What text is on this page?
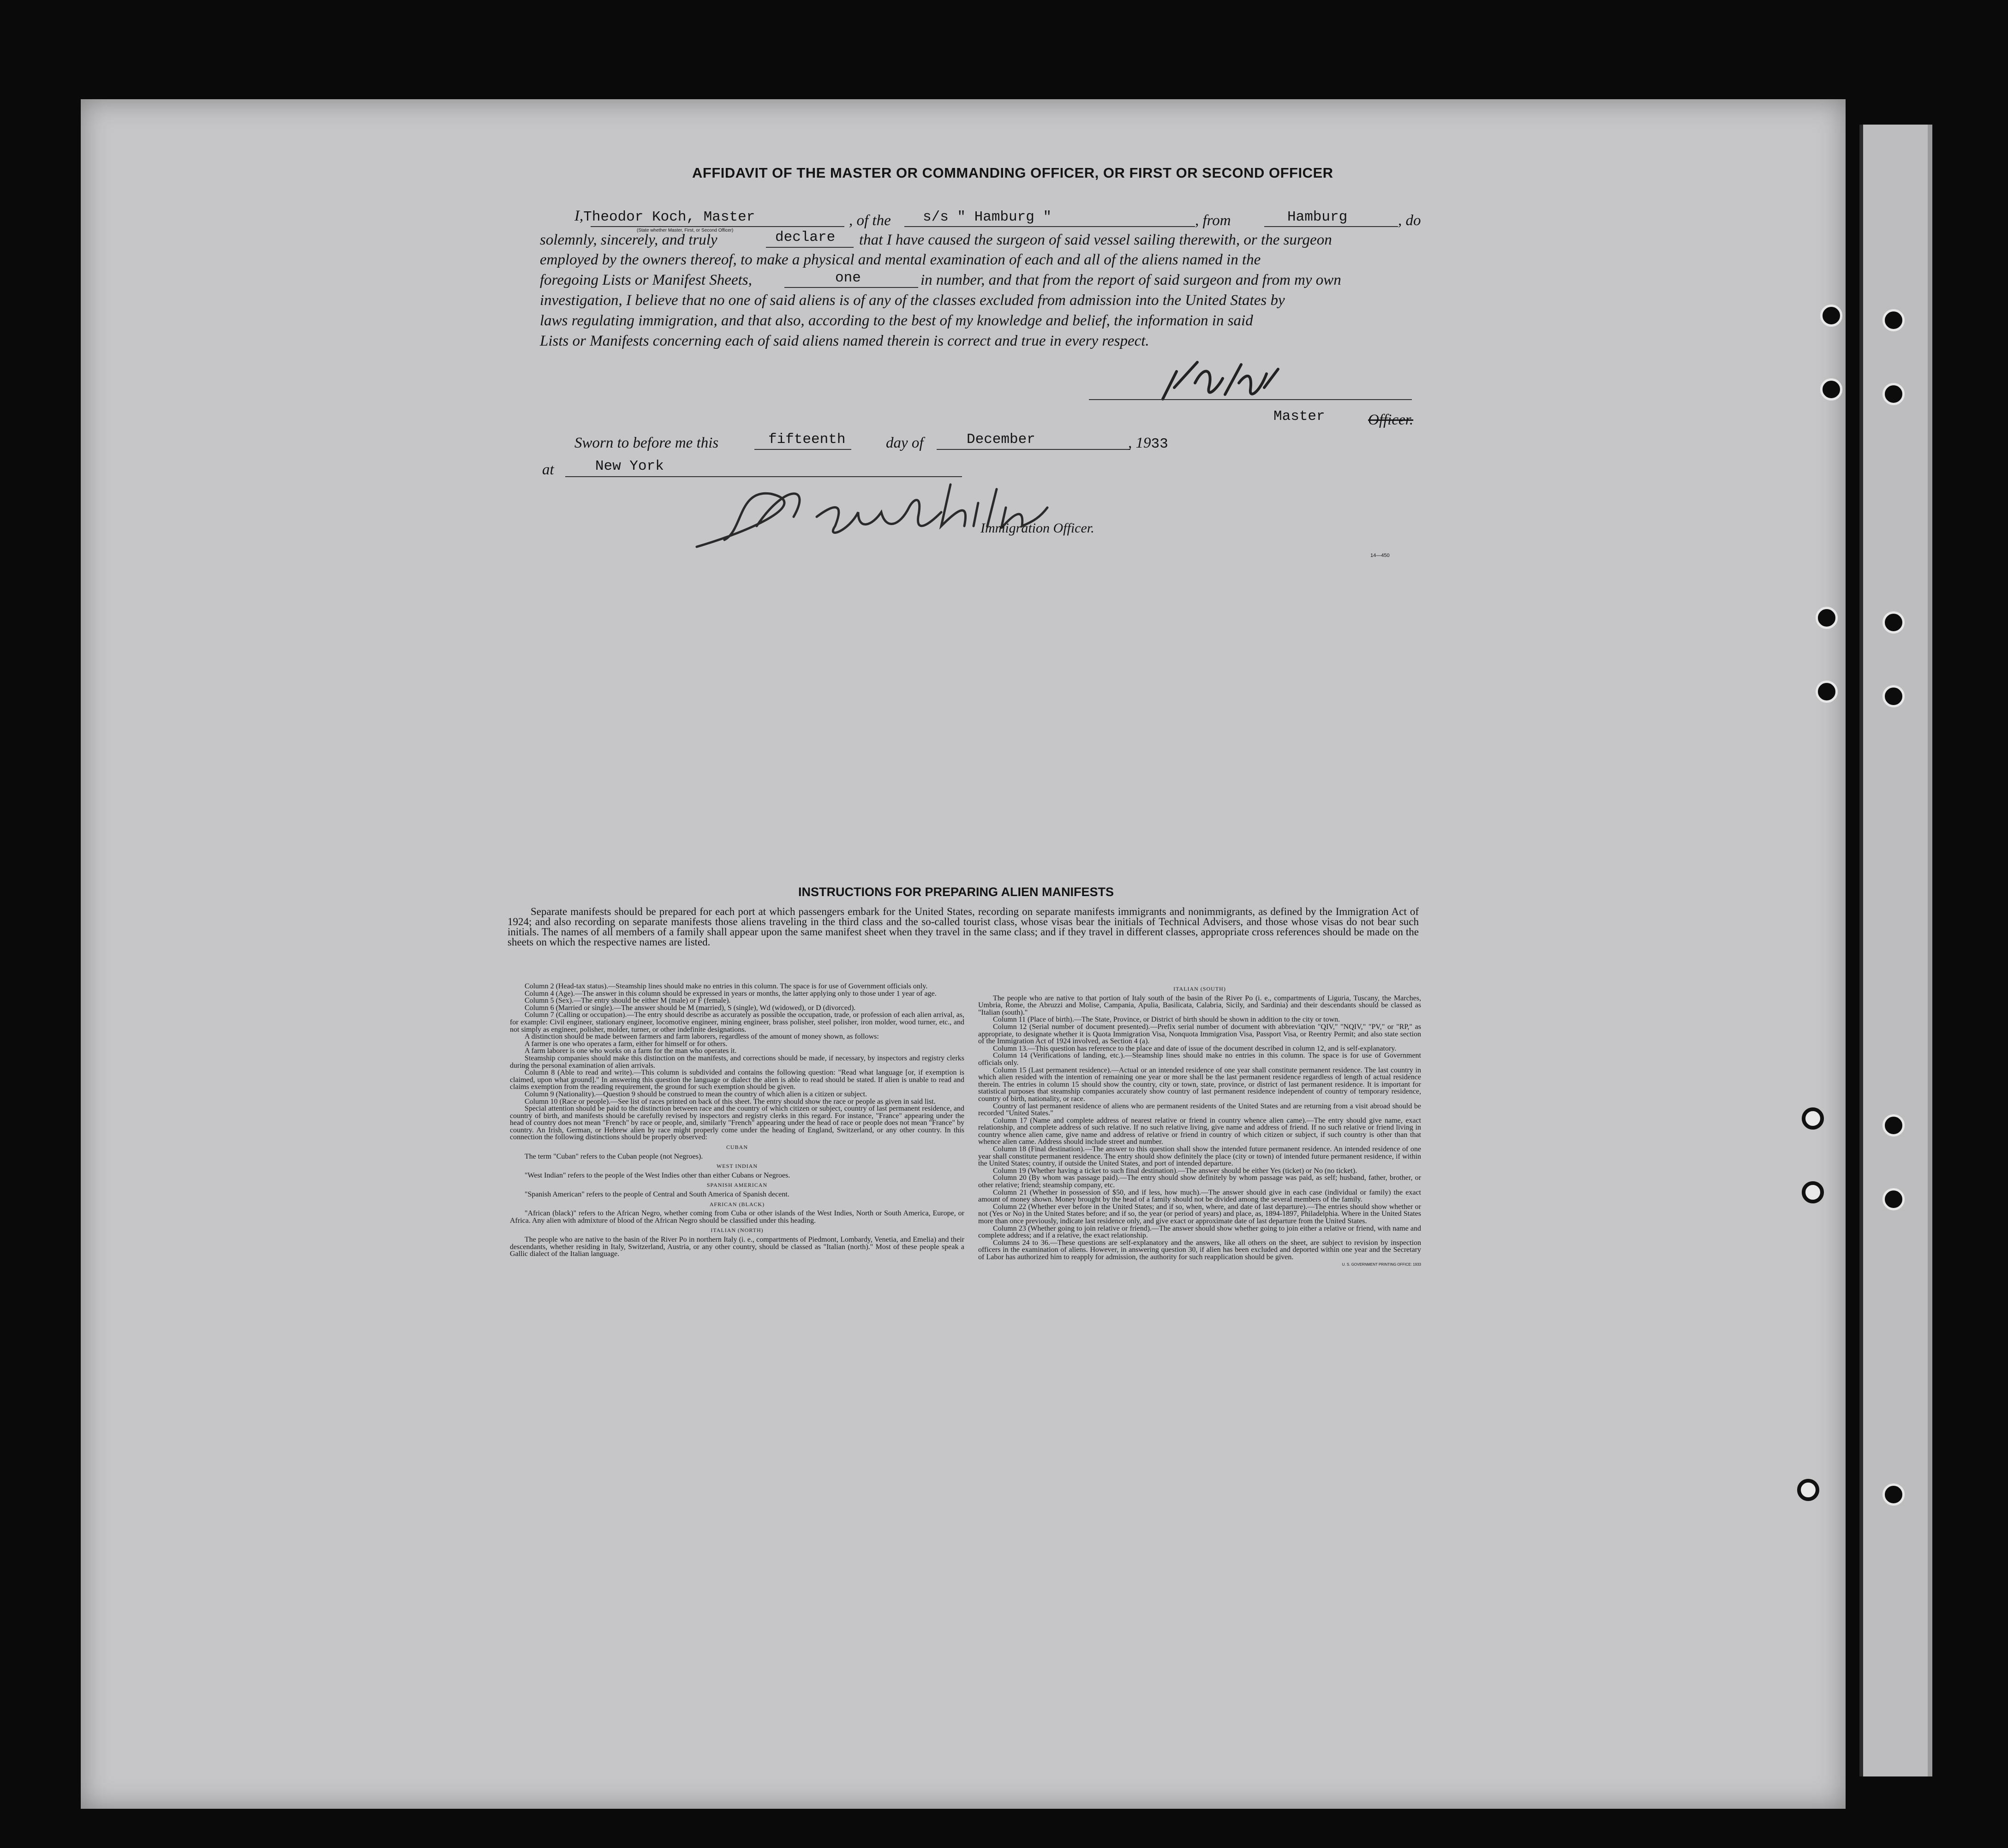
AFFIDAVIT OF THE MASTER OR COMMANDING OFFICER, OR FIRST OR SECOND OFFICER
I,Theodor Koch, Master
(State whether Master, First, or Second Officer)
, of the s/s " Hamburg "	, from	Hamburg	, do
solemnly, sincerely, and truly	declare that I have caused the surgeon of said vessel sailing therewith, or the surgeon
employed by the owners thereof, to make a physical and mental examination of each and all of the aliens named in the
foregoing Lists or Manifest Sheets,	one	in number, and that from the report of said surgeon and from my own
investigation, I believe that no one of said aliens is of any of the classes excluded from admission into the United States by
laws regulating immigration, and that also, according to the best of my knowledge and belief, the information in said
Lists or Manifests concerning each of said aliens named therein is correct and true in every respect.
Master	Officer.
Sworn to before me this	fifteenth	day of	December	, 1933
at	New York
Immigration Officer.
14—450
INSTRUCTIONS FOR PREPARING ALIEN MANIFESTS
Separate manifests should be prepared for each port at which passengers embark for the United States, recording on separate manifests immigrants and nonimmigrants, as defined by the Immigration Act of 1924; and also recording on separate manifests those aliens traveling in the third class and the so-called tourist class, whose visas bear the initials of Technical Advisers, and those whose visas do not bear such initials. The names of all members of a family shall appear upon the same manifest sheet when they travel in the same class; and if they travel in different classes, appropriate cross references should be made on the sheets on which the respective names are listed.

Column 2 (Head-tax status).—Steamship lines should make no entries in this column. The space is for use of Government officials only.

Column 4 (Age).—The answer in this column should be expressed in years or months, the latter applying only to those under 1 year of age.

Column 5 (Sex).—The entry should be either M (male) or F (female).

Column 6 (Married or single).—The answer should be M (married), S (single), Wd (widowed), or D (divorced).

Column 7 (Calling or occupation).—The entry should describe as accurately as possible the occupation, trade, or profession of each alien arrival, as, for example: Civil engineer, stationary engineer, locomotive engineer, mining engineer, brass polisher, steel polisher, iron molder, wood turner, etc., and not simply as engineer, polisher, molder, turner, or other indefinite designations.

A distinction should be made between farmers and farm laborers, regardless of the amount of money shown, as follows:

A farmer is one who operates a farm, either for himself or for others.

A farm laborer is one who works on a farm for the man who operates it.

Steamship companies should make this distinction on the manifests, and corrections should be made, if necessary, by inspectors and registry clerks during the personal examination of alien arrivals.

Column 8 (Able to read and write).—This column is subdivided and contains the following question: "Read what language [or, if exemption is claimed, upon what ground]." In answering this question the language or dialect the alien is able to read should be stated. If alien is unable to read and claims exemption from the reading requirement, the ground for such exemption should be given.

Column 9 (Nationality).—Question 9 should be construed to mean the country of which alien is a citizen or subject.

Column 10 (Race or people).—See list of races printed on back of this sheet. The entry should show the race or people as given in said list.

Special attention should be paid to the distinction between race and the country of which citizen or subject, country of last permanent residence, and country of birth, and manifests should be carefully revised by inspectors and registry clerks in this regard. For instance, "France" appearing under the head of country does not mean "French" by race or people, and, similarly "French" appearing under the head of race or people does not mean "France" by country. An Irish, German, or Hebrew alien by race might properly come under the heading of England, Switzerland, or any other country. In this connection the following distinctions should be properly observed:

CUBAN

The term "Cuban" refers to the Cuban people (not Negroes).

WEST INDIAN

"West Indian" refers to the people of the West Indies other than either Cubans or Negroes.

SPANISH AMERICAN

"Spanish American" refers to the people of Central and South America of Spanish decent.

AFRICAN (BLACK)

"African (black)" refers to the African Negro, whether coming from Cuba or other islands of the West Indies, North or South America, Europe, or Africa. Any alien with admixture of blood of the African Negro should be classified under this heading.

ITALIAN (NORTH)

The people who are native to the basin of the River Po in northern Italy (i. e., compartments of Piedmont, Lombardy, Venetia, and Emelia) and their descendants, whether residing in Italy, Switzerland, Austria, or any other country, should be classed as "Italian (north)." Most of these people speak a Gallic dialect of the Italian language.

ITALIAN (SOUTH)

The people who are native to that portion of Italy south of the basin of the River Po (i. e., compartments of Liguria, Tuscany, the Marches, Umbria, Rome, the Abruzzi and Molise, Campania, Apulia, Basilicata, Calabria, Sicily, and Sardinia) and their descendants should be classed as "Italian (south)."

Column 11 (Place of birth).—The State, Province, or District of birth should be shown in addition to the city or town.

Column 12 (Serial number of document presented).—Prefix serial number of document with abbreviation "QIV," "NQIV," "PV," or "RP," as appropriate, to designate whether it is Quota Immigration Visa, Nonquota Immigration Visa, Passport Visa, or Reentry Permit; and also state section of the Immigration Act of 1924 involved, as Section 4 (a).

Column 13.—This question has reference to the place and date of issue of the document described in column 12, and is self-explanatory.

Column 14 (Verifications of landing, etc.).—Steamship lines should make no entries in this column. The space is for use of Government officials only.

Column 15 (Last permanent residence).—Actual or an intended residence of one year shall constitute permanent residence. The last country in which alien resided with the intention of remaining one year or more shall be the last permanent residence regardless of length of actual residence therein. The entries in column 15 should show the country, city or town, state, province, or district of last permanent residence. It is important for statistical purposes that steamship companies accurately show country of last permanent residence independent of country of temporary residence, country of birth, nationality, or race.

Country of last permanent residence of aliens who are permanent residents of the United States and are returning from a visit abroad should be recorded "United States."

Column 17 (Name and complete address of nearest relative or friend in country whence alien came).—The entry should give name, exact relationship, and complete address of such relative. If no such relative living, give name and address of friend. If no such relative or friend living in country whence alien came, give name and address of relative or friend in country of which citizen or subject, if such country is other than that whence alien came. Address should include street and number.

Column 18 (Final destination).—The answer to this question shall show the intended future permanent residence. An intended residence of one year shall constitute permanent residence. The entry should show definitely the place (city or town) of intended future permanent residence, if within the United States; country, if outside the United States, and port of intended departure.

Column 19 (Whether having a ticket to such final destination).—The answer should be either Yes (ticket) or No (no ticket).

Column 20 (By whom was passage paid).—The entry should show definitely by whom passage was paid, as self; husband, father, brother, or other relative; friend; steamship company, etc.

Column 21 (Whether in possession of $50, and if less, how much).—The answer should give in each case (individual or family) the exact amount of money shown. Money brought by the head of a family should not be divided among the several members of the family.

Column 22 (Whether ever before in the United States; and if so, when, where, and date of last departure).—The entries should show whether or not (Yes or No) in the United States before; and if so, the year (or period of years) and place, as, 1894-1897, Philadelphia. Where in the United States more than once previously, indicate last residence only, and give exact or approximate date of last departure from the United States.

Column 23 (Whether going to join relative or friend).—The answer should show whether going to join either a relative or friend, with name and complete address; and if a relative, the exact relationship.

Columns 24 to 36.—These questions are self-explanatory and the answers, like all others on the sheet, are subject to revision by inspection officers in the examination of aliens. However, in answering question 30, if alien has been excluded and deported within one year and the Secretary of Labor has authorized him to reapply for admission, the authority for such reapplication should be given.

U. S. GOVERNMENT PRINTING OFFICE: 1933
